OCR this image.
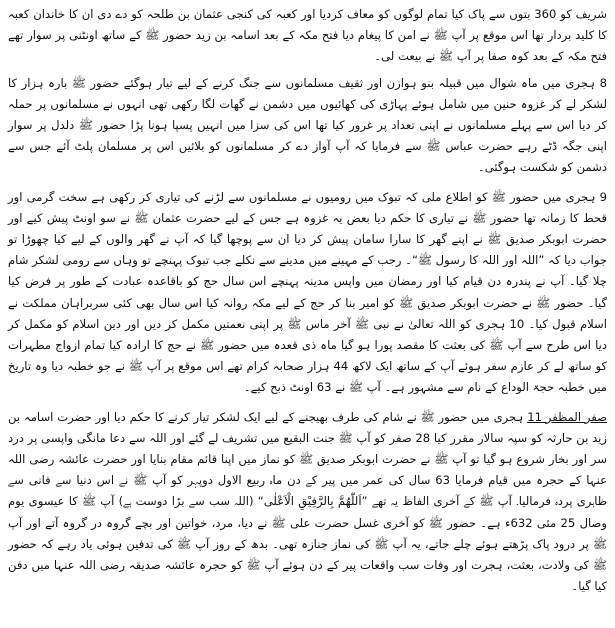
شریف کو 360 بتوں سے پاک کیا تمام لوگوں کو معاف کردیا اور کعبہ کی کنجی عثمان بن طلحہ کو دے دی ان کا خاندان کعبہ کا کلید بردار تھا اس موقع پر آپ ﷺ نے امن کا پیغام دیا فتح مکہ کے بعد اسامہ بن زید حضور ﷺ کے ساتھ اونٹنی پر سوار تھے فتح مکہ کے بعد کوہ صفا پر آپ ﷺ نے بیعت لی۔

8 ہجری میں ماہ شوال میں قبیلہ بنو ہوازن اور ثقیف مسلمانوں سے جنگ کرنے کے لیے تیار ہوگئے حضور ﷺ بارہ ہزار کا لشکر لے کر غزوہ حنین میں شامل ہوئے پہاڑی کی کھائیوں میں دشمن نے گھات لگا رکھی تھی انہوں نے مسلمانوں پر حملہ کر دیا اس سے پہلے مسلمانوں نے اپنی تعداد پر غرور کیا تھا اس کی سزا میں انہیں پسپا ہونا پڑا حضور ﷺ دلدل پر سوار اپنی جگہ ڈٹے رہے حضرت عباس ﷺ سے فرمایا کہ آپ آواز دے کر مسلمانوں کو بلائیں اس پر مسلمان پلٹ آئے جس سے دشمن کو شکست ہوگئی۔

9 ہجری میں حضور ﷺ کو اطلاع ملی کہ تبوک میں رومیوں نے مسلمانوں سے لڑنے کی تیاری کر رکھی ہے سخت گرمی اور قحط کا زمانہ تھا حضور ﷺ نے تیاری کا حکم دیا بعض یہ غزوہ ہے جس کے لیے حضرت عثمان ﷺ نے سو اونٹ پیش کیے اور حضرت ابوبکر صدیق ﷺ نے اپنے گھر کا سارا سامان پیش کر دیا ان سے پوچھا گیا کہ آپ نے گھر والوں کے لیے کیا چھوڑا تو جواب دیا کہ ”اللہ اور اللہ کا رسول ﷺ“۔ رجب کے مہینے میں مدینے سے نکلے جب تبوک پہنچے تو وہاں سے رومی لشکر شام چلا گیا۔ آپ نے پندرہ دن قیام کیا اور رمضان میں واپس مدینہ پہنچے اس سال حج کو باقاعدہ عبادت کے طور پر فرض کیا گیا۔ حضور ﷺ نے حضرت ابوبکر صدیق ﷺ کو امیر بنا کر حج کے لیے مکہ روانہ کیا اس سال بھی کئی سربراہان مملکت نے اسلام قبول کیا۔ 10 ہجری کو اللہ تعالیٰ نے نبی ﷺ آخر ماس ﷺ پر اپنی نعمتیں مکمل کر دیں اور دین اسلام کو مکمل کر دیا اس طرح سے آپ ﷺ کی بعثت کا مقصد پورا ہو گیا ماہ ذی قعدہ میں حضور ﷺ نے حج کا ارادہ کیا تمام ازواج مطہرات کو ساتھ لے کر عازم سفر ہوئے آپ کے ساتھ ایک لاکھ 44 ہزار صحابہ کرام تھے اس موقع پر آپ ﷺ نے جو خطبہ دیا وہ تاریخ میں خطبہ حجۃ الوداع کے نام سے مشہور ہے۔ آپ ﷺ نے 63 اونٹ ذبح کیے۔

صفر المظفر 11 ہجری میں حضور ﷺ نے شام کی طرف بھیجنے کے لیے ایک لشکر تیار کرنے کا حکم دیا اور حضرت اسامہ بن زید بن حارثہ کو سپہ سالار مقرر کیا 28 صفر کو آپ ﷺ جنت البقیع میں تشریف لے گئے اور اللہ سے دعا مانگی واپسی پر درد سر اور بخار شروع ہو گیا تو آپ ﷺ نے حضرت ابوبکر صدیق ﷺ کو نماز میں اپنا قائم مقام بنایا اور حضرت عائشہ رضی اللہ عنہا کے حجرہ میں قیام فرمایا 63 سال کی عمر میں پیر کے دن ماہ ربیع الاول دوپہر کو آپ ﷺ نے اس دنیا سے فانی سے ظاہری پردہ فرمالیا۔ آپ ﷺ کے آخری الفاظ یہ تھے ”اَللّٰھُمَّ بِالرَّفِیْقِ الْاَعْلٰی“ (اللہ سب سے بڑا دوست ہے) آپ ﷺ کا عیسوی یوم وصال 25 مئی 632ء ہے۔ حضور ﷺ کو آخری غسل حضرت علی ﷺ نے دیا، مرد، خواتین اور بچے گروہ در گروہ آتے اور آپ ﷺ پر درود پاک پڑھتے ہوئے چلے جاتے، یہ آپ ﷺ کی نماز جنازہ تھی۔ بدھ کے روز آپ ﷺ کی تدفین ہوئی یاد رہے کہ حضور ﷺ کی ولادت، بعثت، ہجرت اور وفات سب واقعات پیر کے دن ہوئے آپ ﷺ کو حجرہ عائشہ صدیقہ رضی اللہ عنہا میں دفن کیا گیا۔
